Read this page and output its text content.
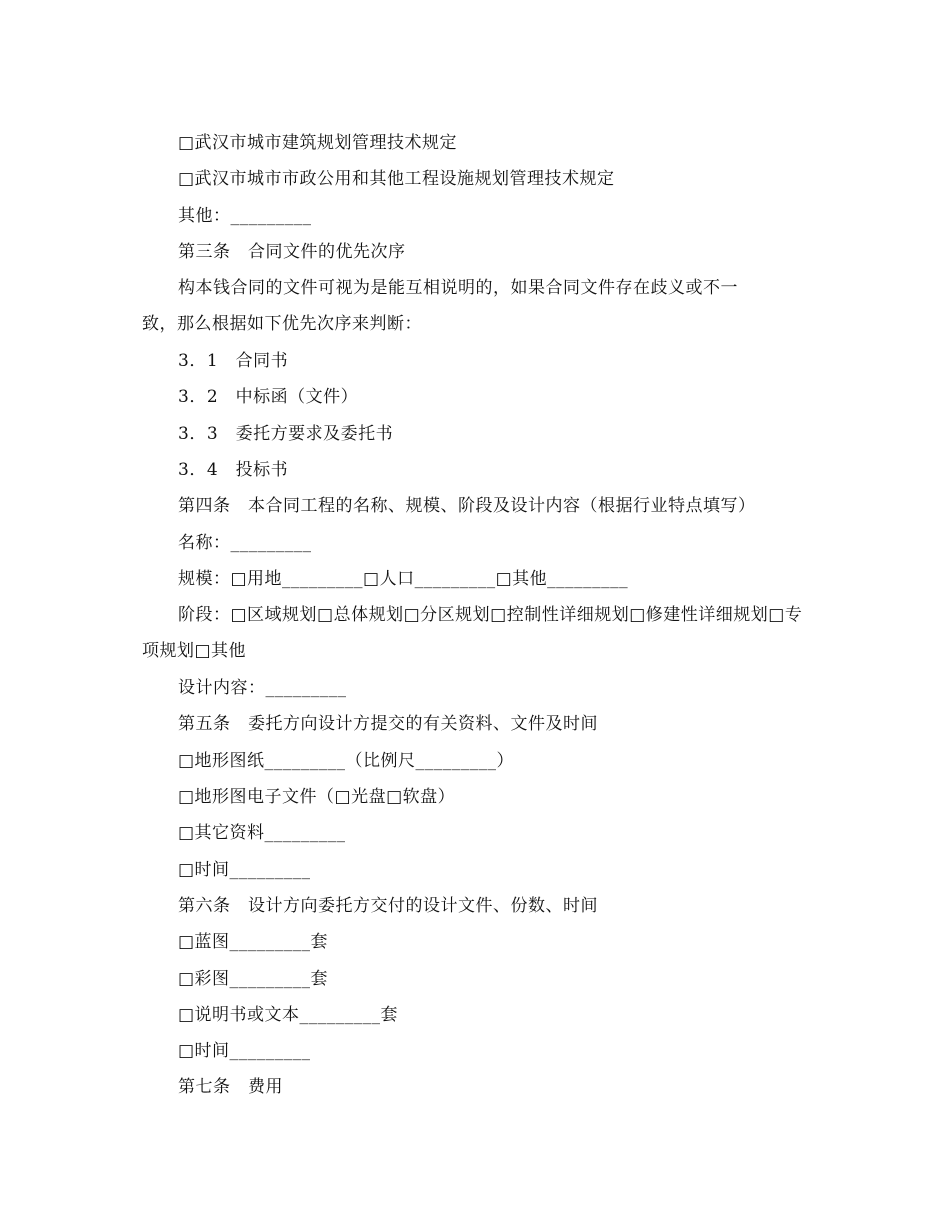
□武汉市城市建筑规划管理技术规定
□武汉市城市市政公用和其他工程设施规划管理技术规定
其他：_________
第三条　合同文件的优先次序
构本钱合同的文件可视为是能互相说明的，如果合同文件存在歧义或不一
致，那么根据如下优先次序来判断：
3．1　合同书
3．2　中标函（文件）
3．3　委托方要求及委托书
3．4　投标书
第四条　本合同工程的名称、规模、阶段及设计内容（根据行业特点填写）
名称：_________
规模：□用地_________□人口_________□其他_________
阶段：□区域规划□总体规划□分区规划□控制性详细规划□修建性详细规划□专
项规划□其他
设计内容：_________
第五条　委托方向设计方提交的有关资料、文件及时间
□地形图纸_________（比例尺_________）
□地形图电子文件（□光盘□软盘）
□其它资料_________
□时间_________
第六条　设计方向委托方交付的设计文件、份数、时间
□蓝图_________套
□彩图_________套
□说明书或文本_________套
□时间_________
第七条　费用
